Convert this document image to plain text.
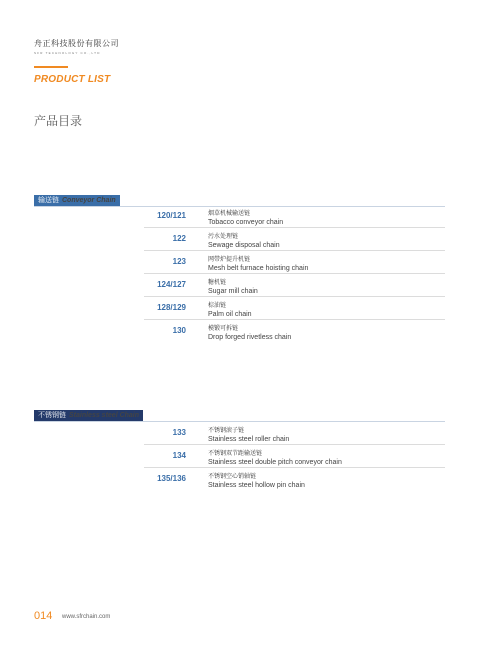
舟正科技股份有限公司
SFR TECHNOLOGY CO.,LTD
PRODUCT LIST
产品目录
输送链 Conveyor Chain
120/121	烟草机械输送链
Tobacco conveyor chain
122	污水处理链
Sewage disposal chain
123	网带炉提升机链
Mesh belt furnace hoisting chain
124/127	糖机链
Sugar mill chain
128/129	棕油链
Palm oil chain
130	模锻可拆链
Drop forged rivetless chain
不锈钢链 Stainless steel Chain
133	不锈钢滚子链
Stainless steel roller chain
134	不锈钢双节距输送链
Stainless steel double pitch conveyor chain
135/136	不锈钢空心销轴链
Stainless steel hollow pin chain
014 www.sfrchain.com
